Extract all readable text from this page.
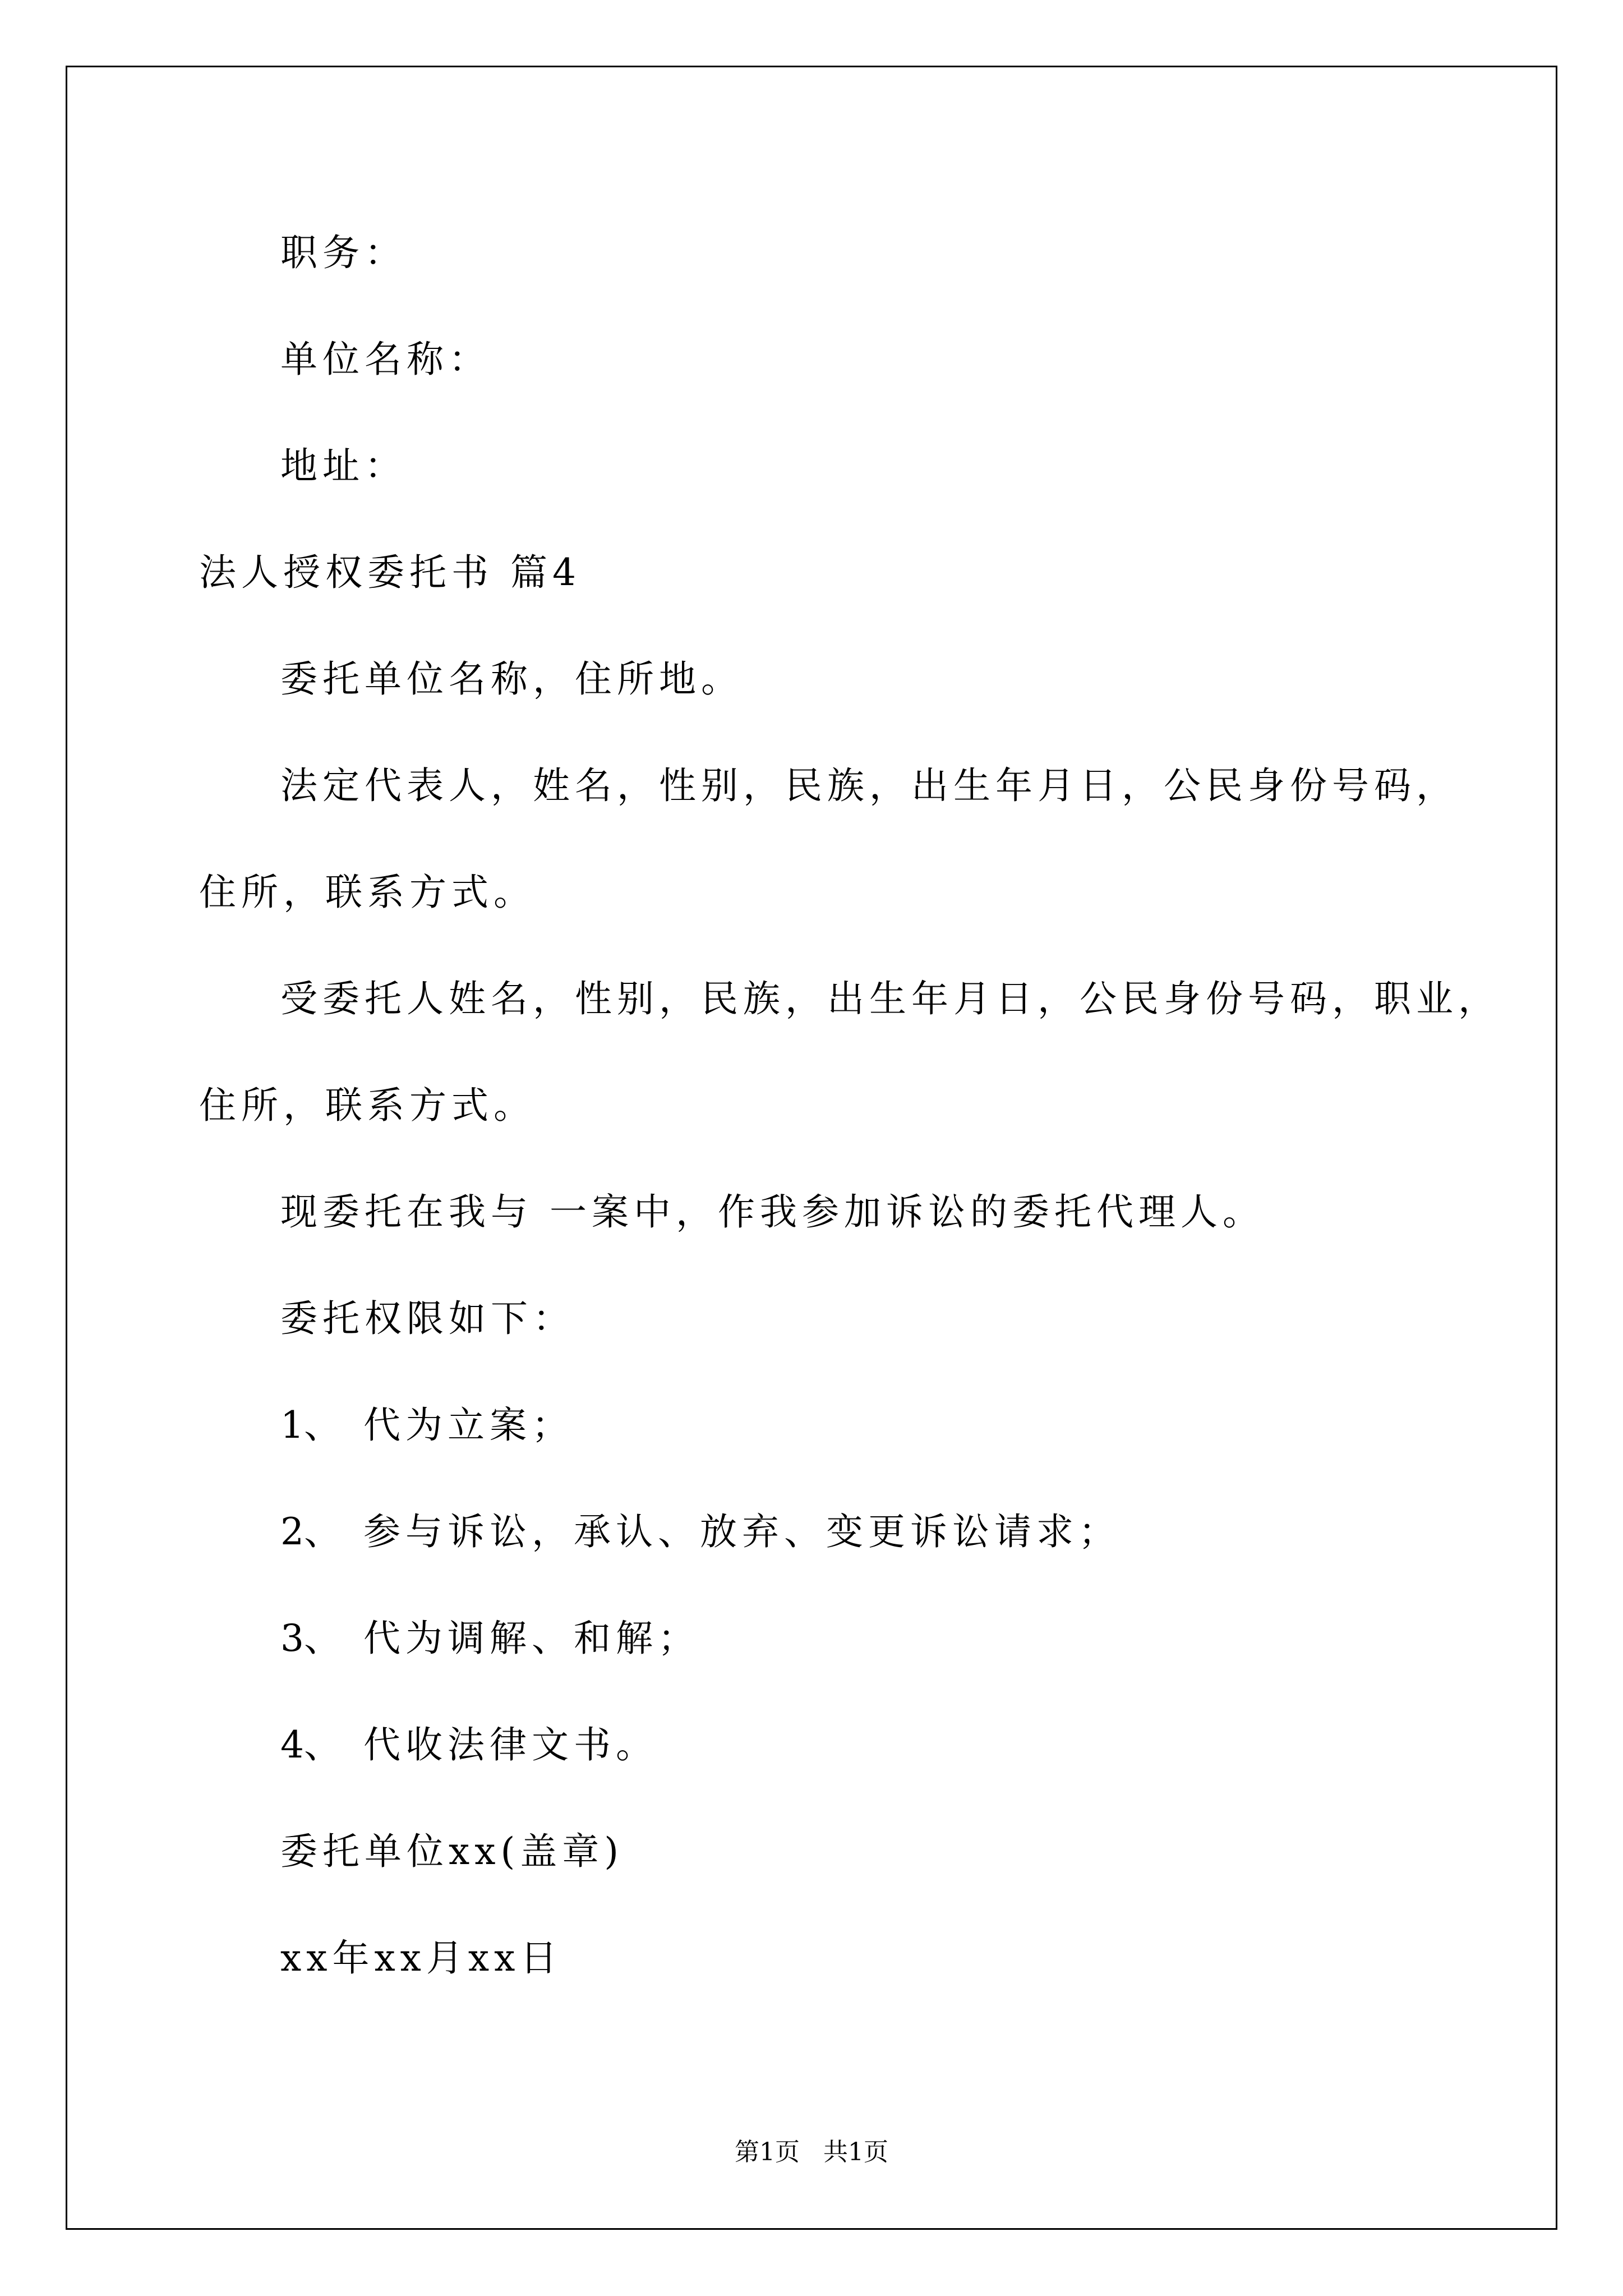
职务：
单位名称：
地址：
法人授权委托书 篇4
委托单位名称，住所地。
法定代表人，姓名，性别，民族，出生年月日，公民身份号码，
住所，联系方式。
受委托人姓名，性别，民族，出生年月日，公民身份号码，职业，
住所，联系方式。
现委托在我与 一案中，作我参加诉讼的委托代理人。
委托权限如下：
1、 代为立案；
2、 参与诉讼，承认、放弃、变更诉讼请求；
3、 代为调解、和解；
4、 代收法律文书。
委托单位xx(盖章)
xx年xx月xx日
第1页   共1页
